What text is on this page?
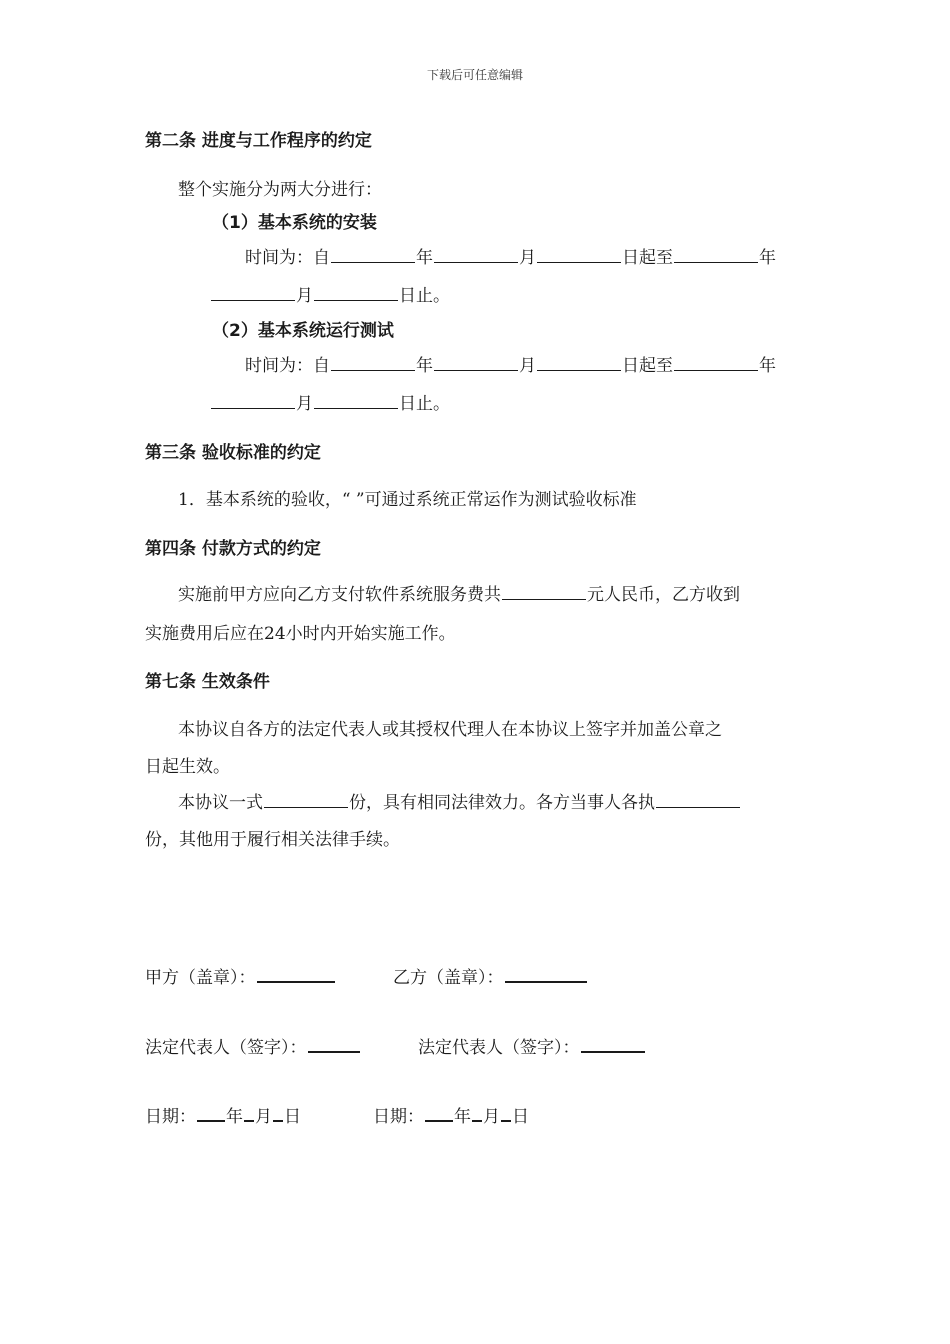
下载后可任意编辑
第二条 进度与工作程序的约定
整个实施分为两大分进行：
（1）基本系统的安装
时间为：自	年	月	日起至	年
月	日止。
（2）基本系统运行测试
时间为：自	年	月	日起至	年
月	日止。
第三条 验收标准的约定
1．基本系统的验收，“ ”可通过系统正常运作为测试验收标准
第四条 付款方式的约定
实施前甲方应向乙方支付软件系统服务费共	元人民币，乙方收到
实施费用后应在24小时内开始实施工作。
第七条 生效条件
本协议自各方的法定代表人或其授权代理人在本协议上签字并加盖公章之
日起生效。
本协议一式	份，具有相同法律效力。各方当事人各执
份，其他用于履行相关法律手续。
甲方（盖章）：	乙方（盖章）：
法定代表人（签字）：	法定代表人（签字）：
日期： 年 月 日	日期： 年 月 日
